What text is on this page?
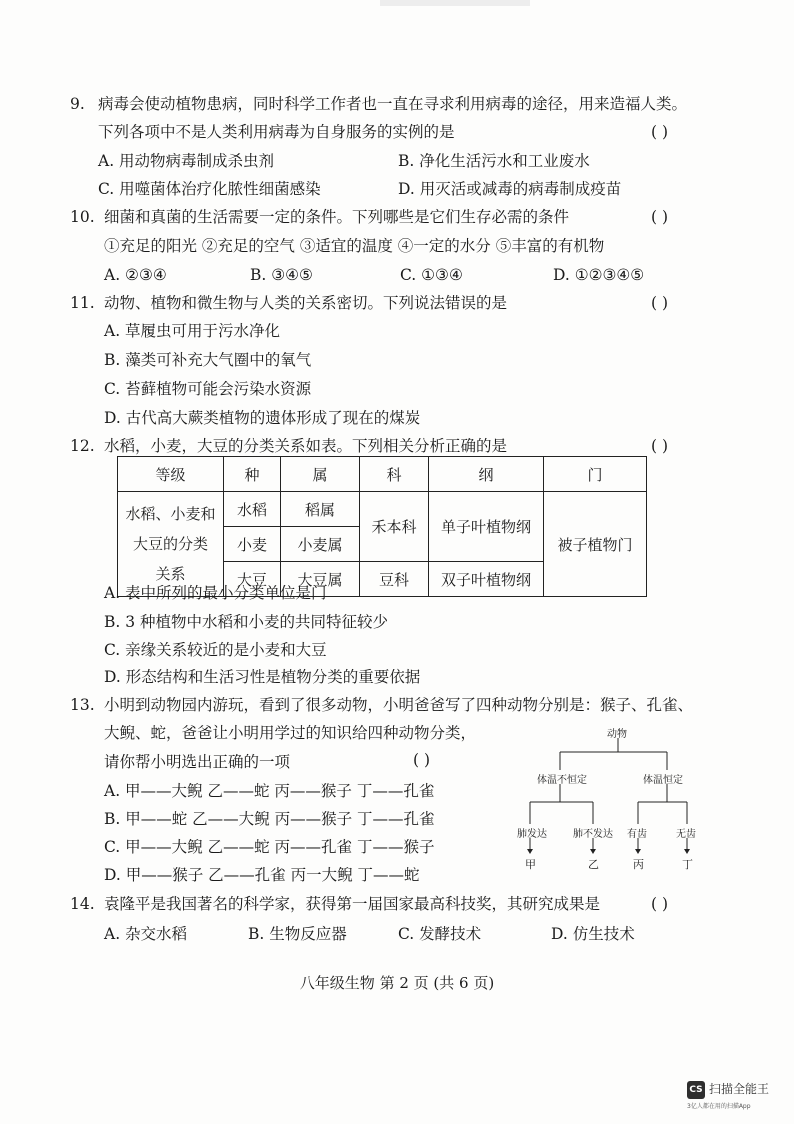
9. 病毒会使动植物患病，同时科学工作者也一直在寻求利用病毒的途径，用来造福人类。
下列各项中不是人类利用病毒为自身服务的实例的是	( )
A. 用动物病毒制成杀虫剂	B. 净化生活污水和工业废水
C. 用噬菌体治疗化脓性细菌感染	D. 用灭活或减毒的病毒制成疫苗
10. 细菌和真菌的生活需要一定的条件。下列哪些是它们生存必需的条件	( )
①充足的阳光 ②充足的空气 ③适宜的温度 ④一定的水分 ⑤丰富的有机物
A. ②③④	B. ③④⑤	C. ①③④	D. ①②③④⑤
11. 动物、植物和微生物与人类的关系密切。下列说法错误的是	( )
A. 草履虫可用于污水净化
B. 藻类可补充大气圈中的氧气
C. 苔藓植物可能会污染水资源
D. 古代高大蕨类植物的遗体形成了现在的煤炭
12. 水稻，小麦，大豆的分类关系如表。下列相关分析正确的是	( )
等级	种	属	科	纲	门

水稻、小麦和
大豆的分类
关系	水稻	稻属	禾本科	单子叶植物纲	被子植物门
	小麦	小麦属			
	大豆	大豆属	豆科	双子叶植物纲	
A. 表中所列的最小分类单位是门
B. 3 种植物中水稻和小麦的共同特征较少
C. 亲缘关系较近的是小麦和大豆
D. 形态结构和生活习性是植物分类的重要依据
13. 小明到动物园内游玩，看到了很多动物，小明爸爸写了四种动物分别是：猴子、孔雀、
大鲵、蛇，爸爸让小明用学过的知识给四种动物分类，
请你帮小明选出正确的一项	( )
A. 甲——大鲵 乙——蛇 丙——猴子 丁——孔雀
B. 甲——蛇 乙——大鲵 丙——猴子 丁——孔雀
C. 甲——大鲵 乙——蛇 丙——孔雀 丁——猴子
D. 甲——猴子 乙——孔雀 丙一大鲵 丁——蛇
动物
体温不恒定	体温恒定
肺发达	肺不发达 有齿	无齿
甲	乙	丙	丁
14. 袁隆平是我国著名的科学家，获得第一届国家最高科技奖，其研究成果是	( )
A. 杂交水稻	B. 生物反应器	C. 发酵技术	D. 仿生技术
八年级生物 第 2 页 (共 6 页)
CS 扫描全能王
3亿人都在用的扫描App
